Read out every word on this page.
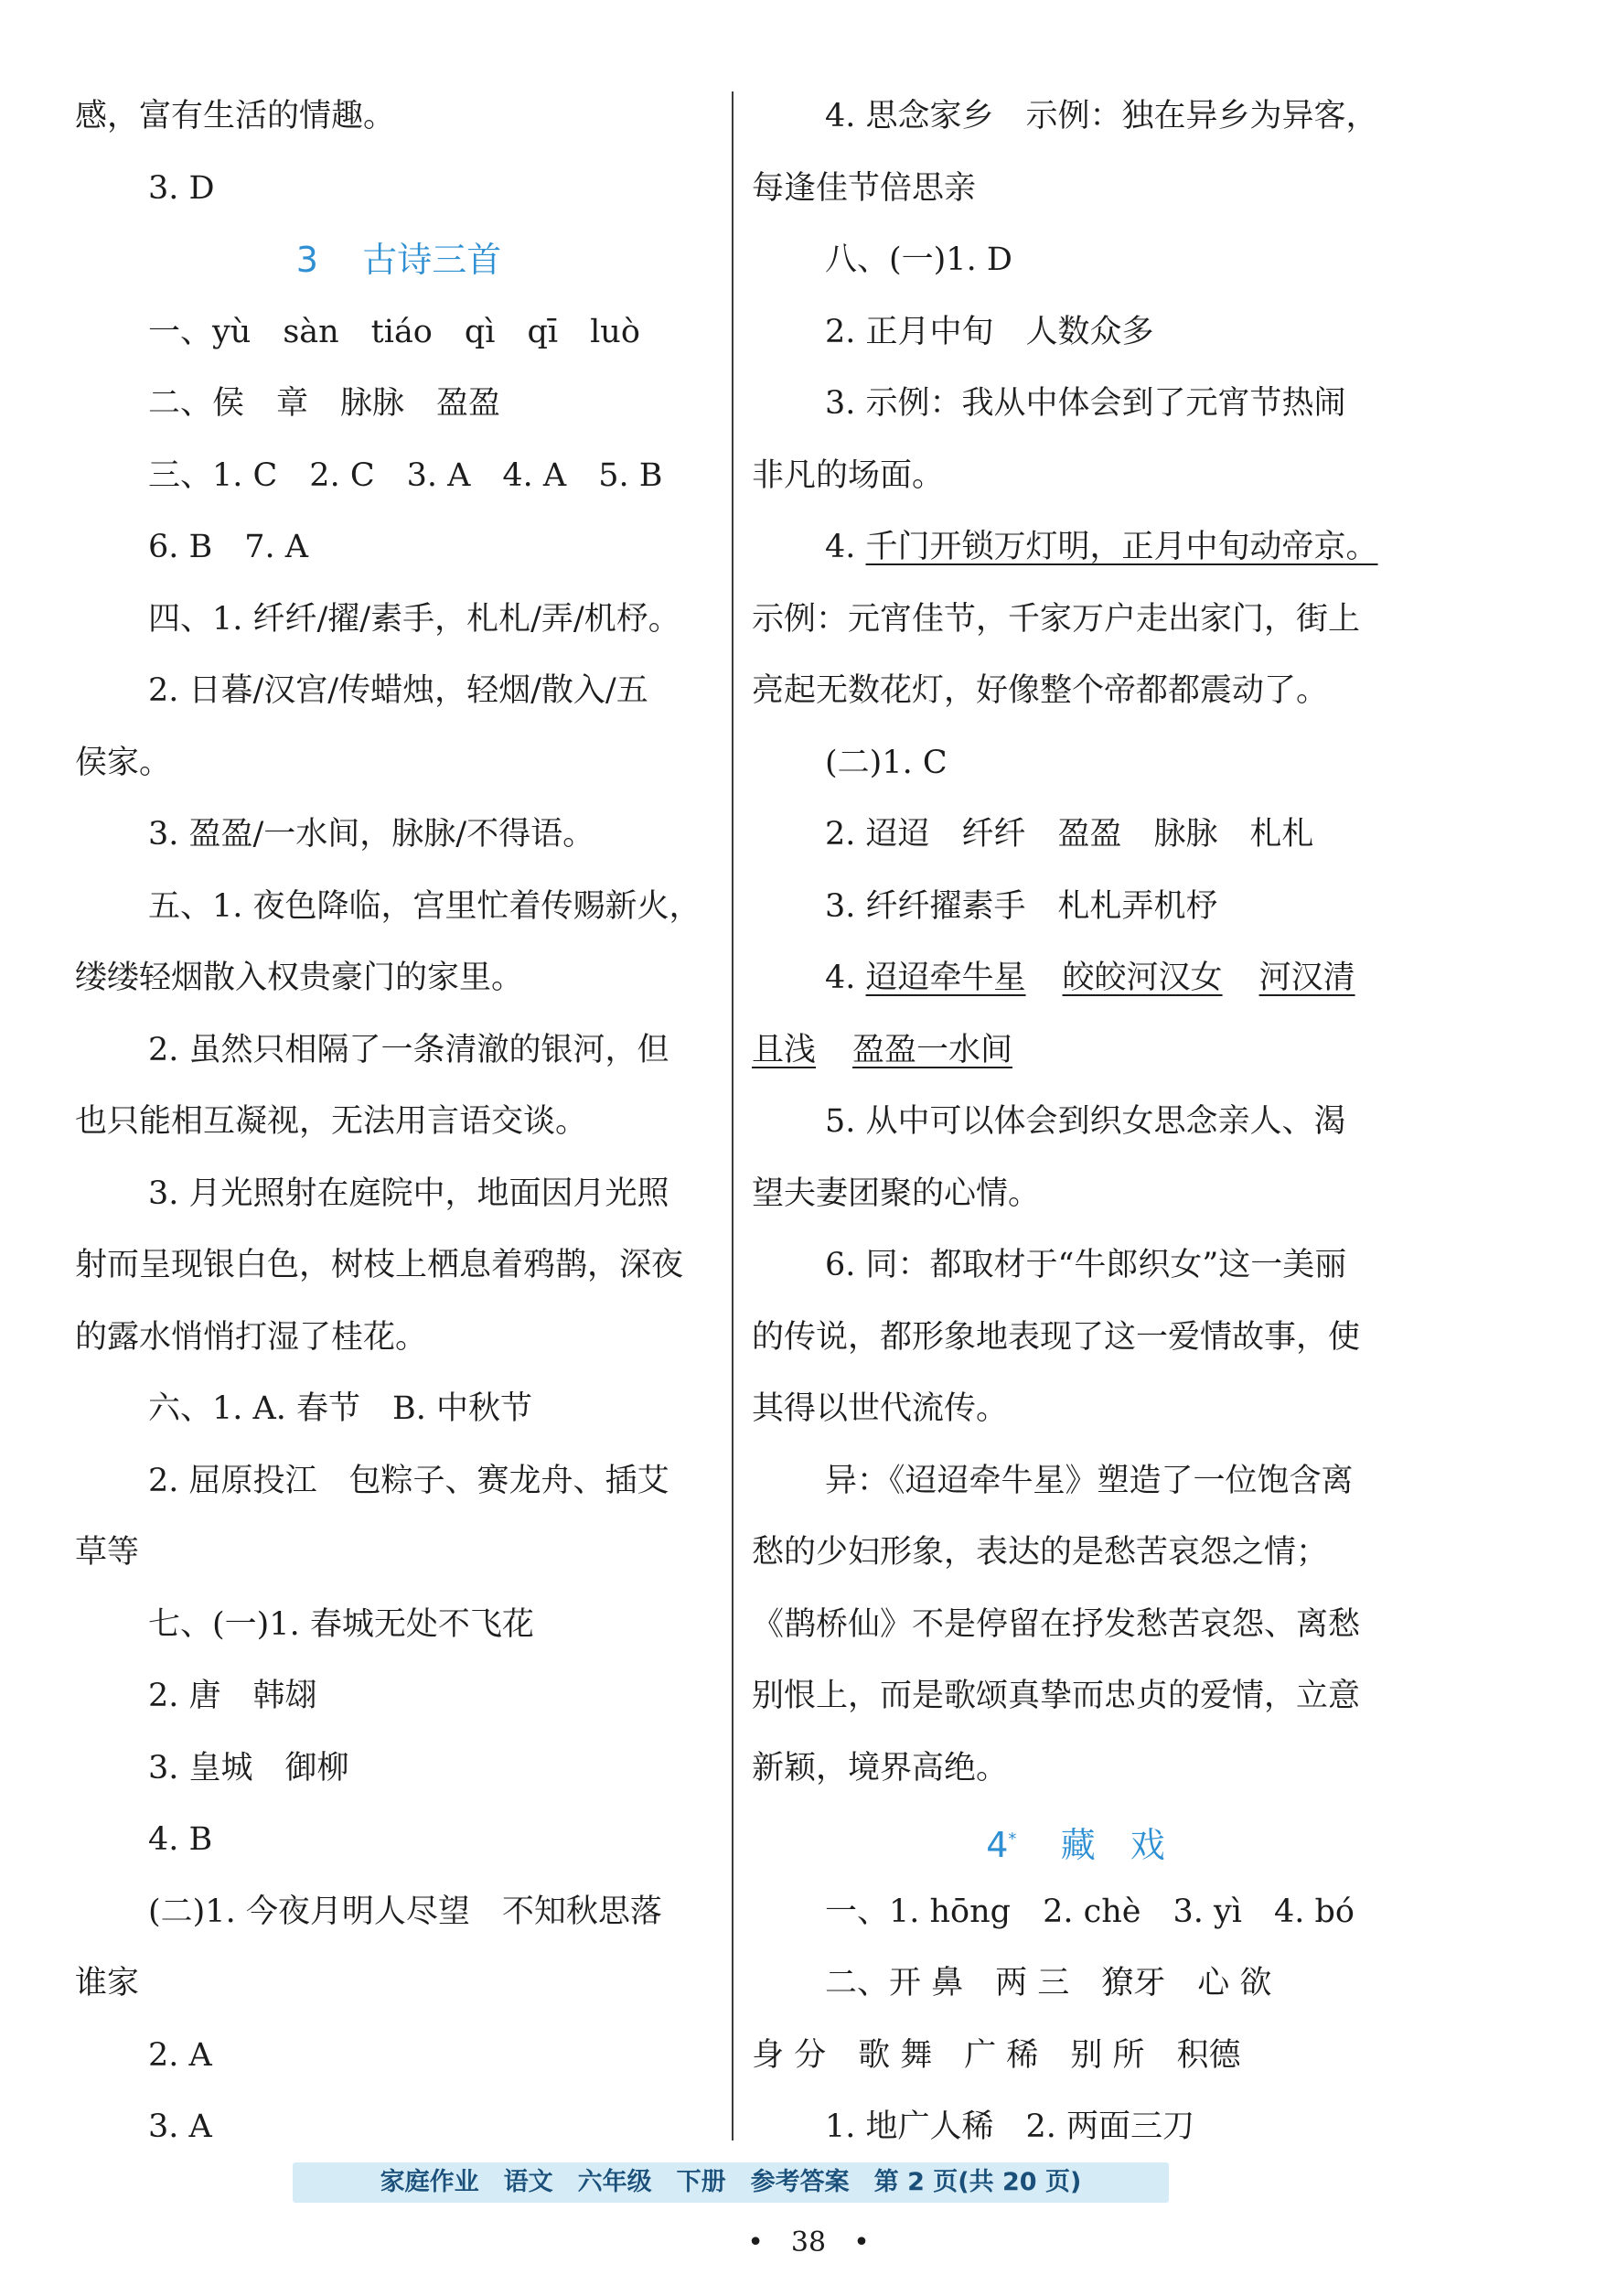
感，富有生活的情趣。
3. D
3 古诗三首
一、yù　sàn　tiáo　qì　qī　luò
二、侯　章　脉脉　盈盈
三、1. C　2. C　3. A　4. A　5. B
6. B　7. A
四、1. 纤纤/擢/素手，札札/弄/机杼。
2. 日暮/汉宫/传蜡烛，轻烟/散入/五
侯家。
3. 盈盈/一水间，脉脉/不得语。
五、1. 夜色降临，宫里忙着传赐新火，
缕缕轻烟散入权贵豪门的家里。
2. 虽然只相隔了一条清澈的银河，但
也只能相互凝视，无法用言语交谈。
3. 月光照射在庭院中，地面因月光照
射而呈现银白色，树枝上栖息着鸦鹊，深夜
的露水悄悄打湿了桂花。
六、1. A. 春节　B. 中秋节
2. 屈原投江　包粽子、赛龙舟、插艾
草等
七、(一)1. 春城无处不飞花
2. 唐　韩翃
3. 皇城　御柳
4. B
(二)1. 今夜月明人尽望　不知秋思落
谁家
2. A
3. A
4. 思念家乡　示例：独在异乡为异客，
每逢佳节倍思亲
八、(一)1. D
2. 正月中旬　人数众多
3. 示例：我从中体会到了元宵节热闹
非凡的场面。
4. 千门开锁万灯明，正月中旬动帝京。
示例：元宵佳节，千家万户走出家门，街上
亮起无数花灯，好像整个帝都都震动了。
(二)1. C
2. 迢迢　纤纤　盈盈　脉脉　札札
3. 纤纤擢素手　札札弄机杼
4. 迢迢牵牛星 皎皎河汉女 河汉清
且浅 盈盈一水间
5. 从中可以体会到织女思念亲人、渴
望夫妻团聚的心情。
6. 同：都取材于“牛郎织女”这一美丽
的传说，都形象地表现了这一爱情故事，使
其得以世代流传。
异：《迢迢牵牛星》塑造了一位饱含离
愁的少妇形象，表达的是愁苦哀怨之情；
《鹊桥仙》不是停留在抒发愁苦哀怨、离愁
别恨上，而是歌颂真挚而忠贞的爱情，立意
新颖，境界高绝。
4* 藏　戏
一、1. hōng　2. chè　3. yì　4. bó
二、开 鼻　两 三　獠牙　心 欲
身 分　歌 舞　广 稀　别 所　积德
1. 地广人稀　2. 两面三刀
家庭作业　语文　六年级　下册　参考答案　第 2 页(共 20 页)
•　38　•
